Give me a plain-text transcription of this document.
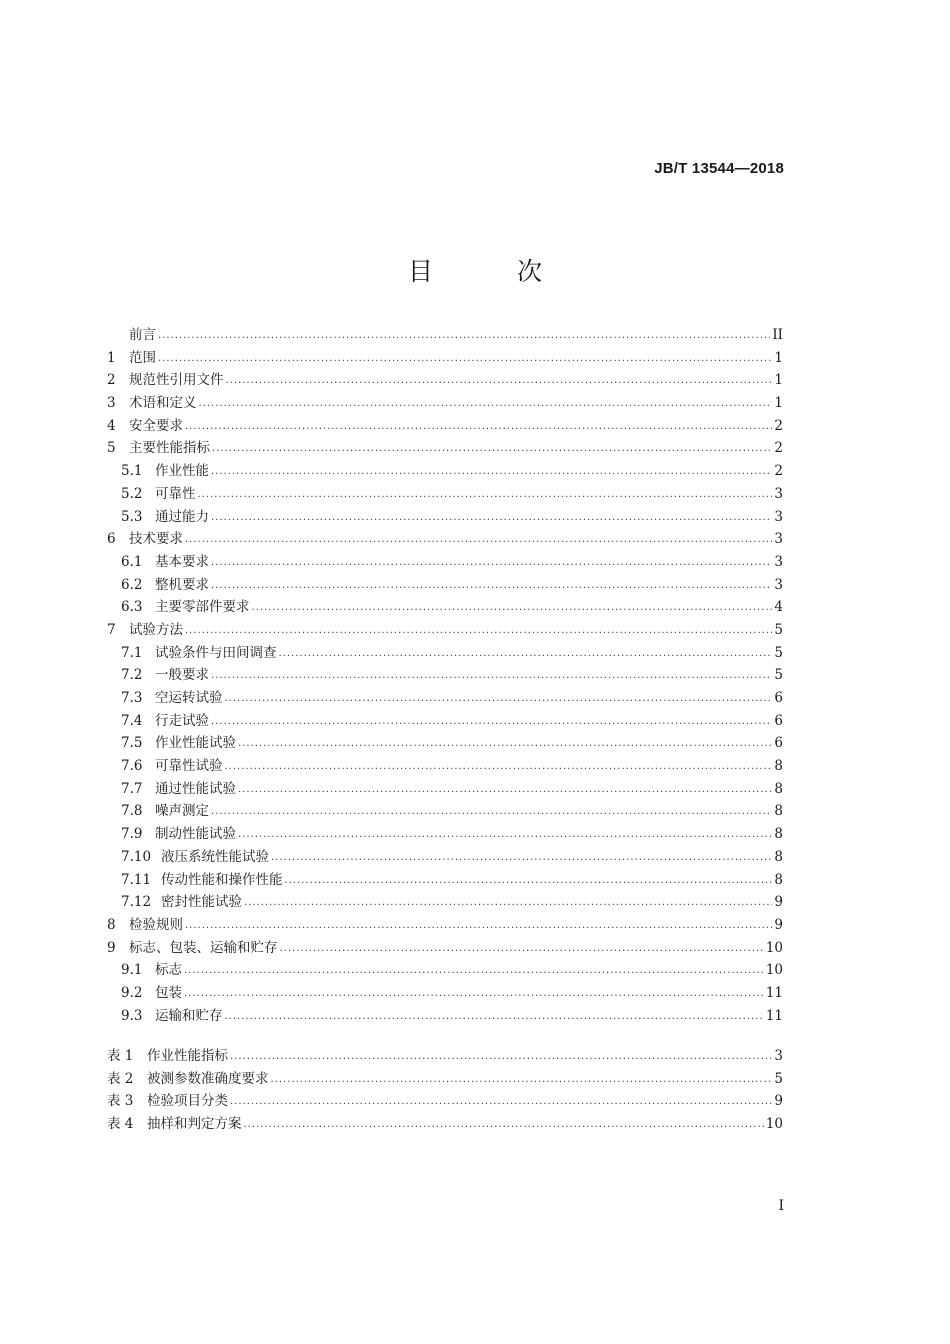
JB/T 13544—2018
目 次
前言 .....	II
1 范围 .....	1
2 规范性引用文件 .....	1
3 术语和定义 .....	1
4 安全要求 .....	2
5 主要性能指标 .....	2
5.1 作业性能 .....	2
5.2 可靠性 .....	3
5.3 通过能力 .....	3
6 技术要求 .....	3
6.1 基本要求 .....	3
6.2 整机要求 .....	3
6.3 主要零部件要求 .....	4
7 试验方法 .....	5
7.1 试验条件与田间调查 .....	5
7.2 一般要求 .....	5
7.3 空运转试验 .....	6
7.4 行走试验 .....	6
7.5 作业性能试验 .....	6
7.6 可靠性试验 .....	8
7.7 通过性能试验 .....	8
7.8 噪声测定 .....	8
7.9 制动性能试验 .....	8
7.10 液压系统性能试验 .....	8
7.11 传动性能和操作性能 .....	8
7.12 密封性能试验 .....	9
8 检验规则 .....	9
9 标志、包装、运输和贮存 .....	10
9.1 标志 .....	10
9.2 包装 .....	11
9.3 运输和贮存 .....	11
表 1	作业性能指标 .....	3
表 2	被测参数准确度要求 .....	5
表 3	检验项目分类 .....	9
表 4	抽样和判定方案 .....	10
I
